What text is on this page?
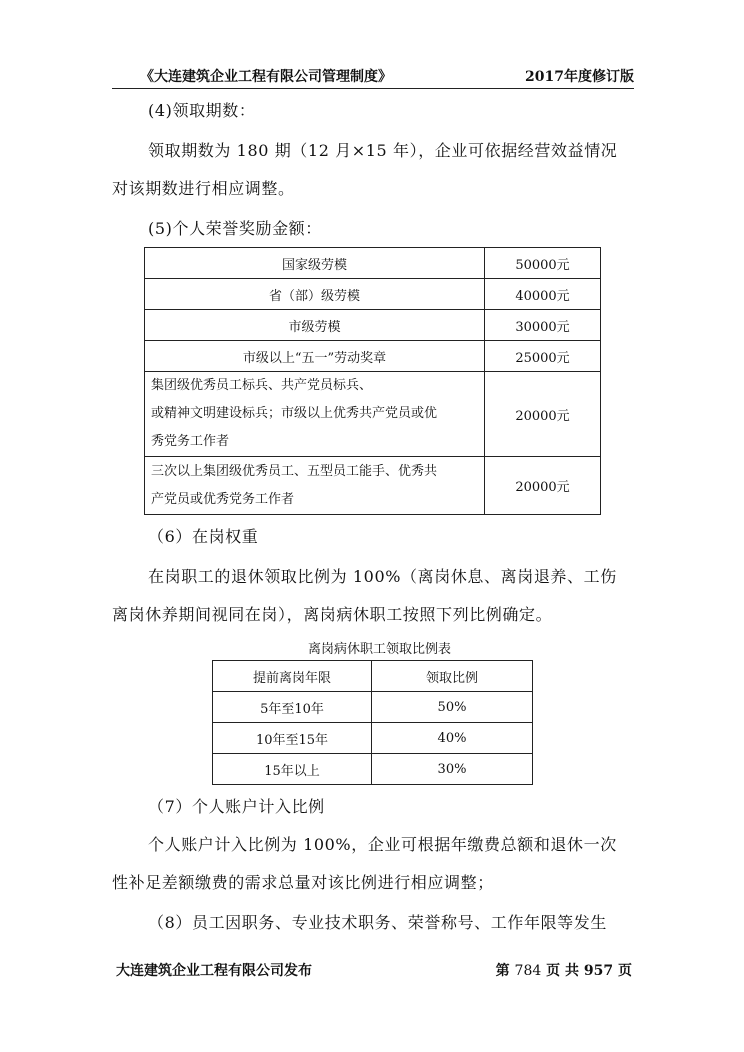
《大连建筑企业工程有限公司管理制度》	2017年度修订版
(4)领取期数：
领取期数为 180 期（12 月×15 年），企业可依据经营效益情况
对该期数进行相应调整。
(5)个人荣誉奖励金额：
国家级劳模	50000元
省（部）级劳模	40000元
市级劳模	30000元
市级以上“五一”劳动奖章	25000元

集团级优秀员工标兵、共产党员标兵、
或精神文明建设标兵；市级以上优秀共产党员或优
秀党务工作者	20000元

三次以上集团级优秀员工、五型员工能手、优秀共
产党员或优秀党务工作者	20000元
（6）在岗权重
在岗职工的退休领取比例为 100%（离岗休息、离岗退养、工伤
离岗休养期间视同在岗），离岗病休职工按照下列比例确定。
离岗病休职工领取比例表
提前离岗年限	领取比例
5年至10年	50%
10年至15年	40%
15年以上	30%
（7）个人账户计入比例
个人账户计入比例为 100%，企业可根据年缴费总额和退休一次
性补足差额缴费的需求总量对该比例进行相应调整；
（8）员工因职务、专业技术职务、荣誉称号、工作年限等发生
大连建筑企业工程有限公司发布	第 784 页 共 957 页
